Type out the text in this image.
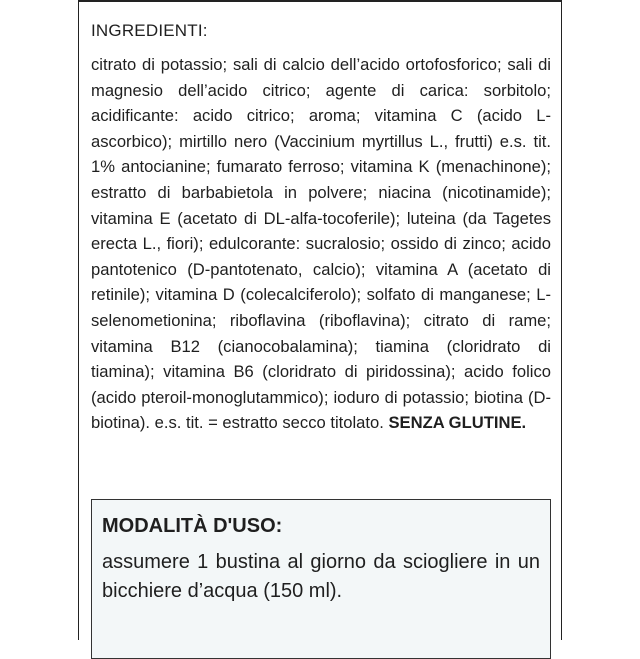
INGREDIENTI:

citrato di potassio; sali di calcio dell’acido ortofosforico; sali di magnesio dell’acido citrico; agente di carica: sorbitolo; acidificante: acido citrico; aroma; vitamina C (acido L-ascorbico); mirtillo nero (Vaccinium myrtillus L., frutti) e.s. tit. 1% antocianine; fumarato ferroso; vitamina K (menachinone); estratto di barbabietola in polvere; niacina (nicotinamide); vitamina E (acetato di DL-alfa-tocoferile); luteina (da Tagetes erecta L., fiori); edulcorante: sucralosio; ossido di zinco; acido pantotenico (D-pantotenato, calcio); vitamina A (acetato di retinile); vitamina D (colecalciferolo); solfato di manganese; L-selenometionina; riboflavina (riboflavina); citrato di rame; vitamina B12 (cianocobalamina); tiamina (cloridrato di tiamina); vitamina B6 (cloridrato di piridossina); acido folico (acido pteroil-monoglutammico); ioduro di potassio; biotina (D-biotina). e.s. tit. = estratto secco titolato. SENZA GLUTINE.

MODALITÀ D'USO:

assumere 1 bustina al giorno da sciogliere in un bicchiere d’acqua (150 ml).
